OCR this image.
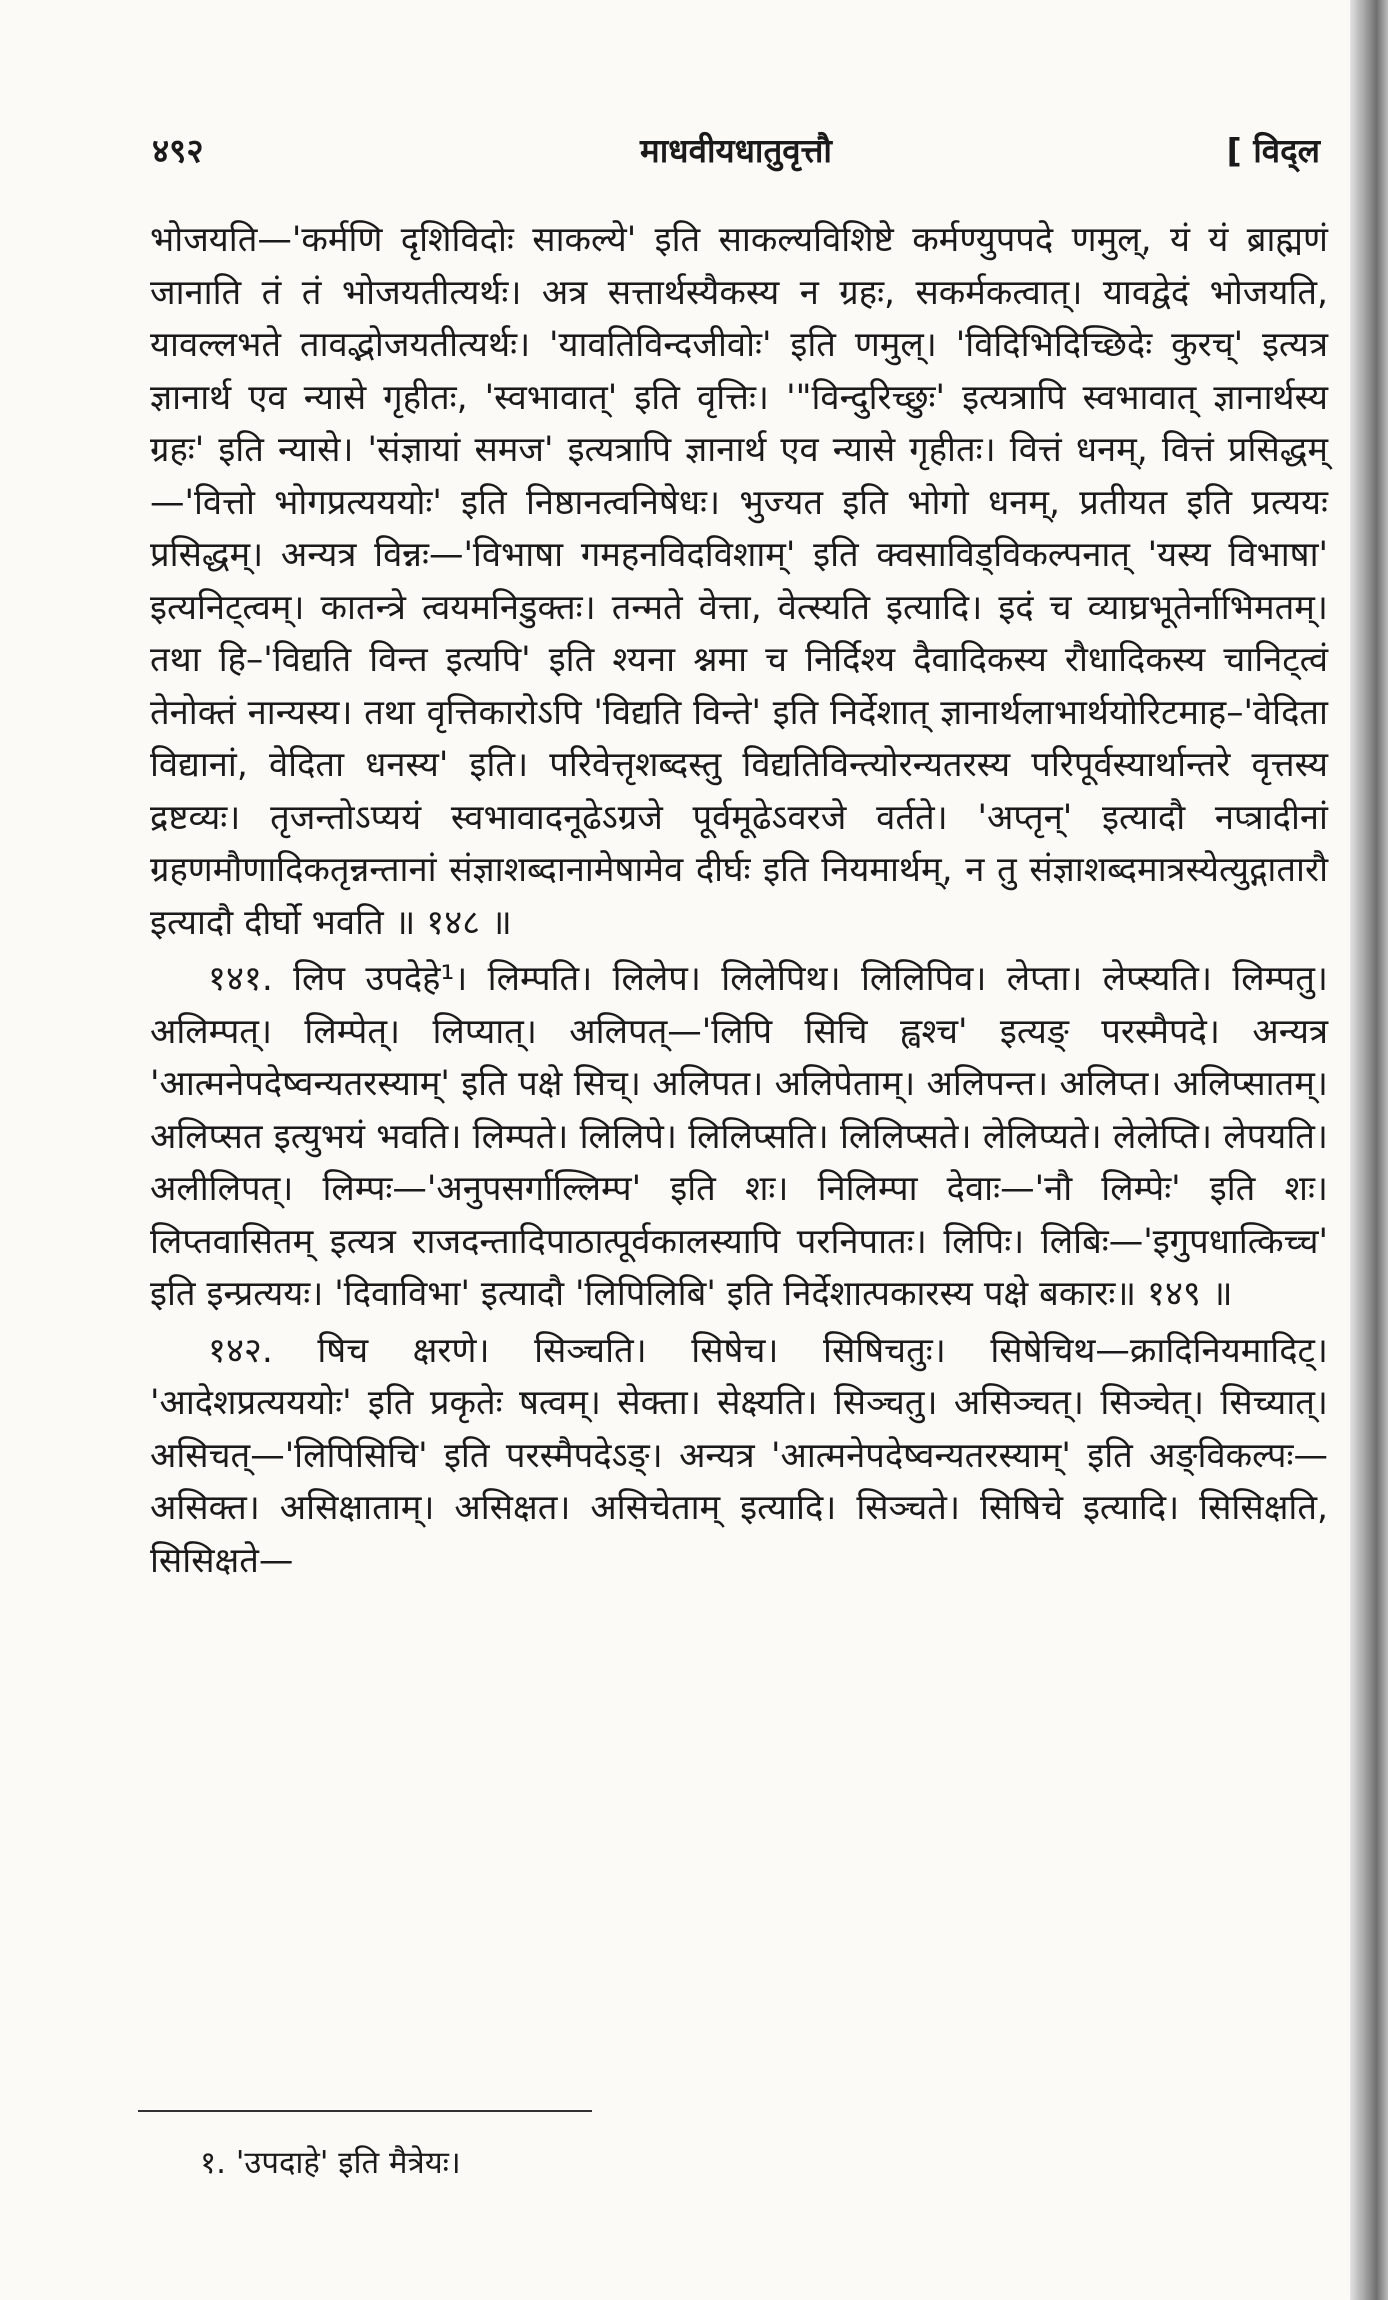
४९२	माधवीयधातुवृत्तौ	[ विद्ल

भोजयति—'कर्मणि दृशिविदोः साकल्ये' इति साकल्यविशिष्टे कर्मण्युपपदे णमुल्, यं यं ब्राह्मणं जानाति तं तं भोजयतीत्यर्थः। अत्र सत्तार्थस्यैकस्य न ग्रहः, सकर्मकत्वात्। यावद्वेदं भोजयति, यावल्लभते तावद्भोजयतीत्यर्थः। 'यावतिविन्दजीवोः' इति णमुल्। 'विदिभिदिच्छिदेः कुरच्' इत्यत्र ज्ञानार्थ एव न्यासे गृहीतः, 'स्वभावात्' इति वृत्तिः। '"विन्दुरिच्छुः' इत्यत्रापि स्वभावात् ज्ञानार्थस्य ग्रहः' इति न्यासे। 'संज्ञायां समज' इत्यत्रापि ज्ञानार्थ एव न्यासे गृहीतः। वित्तं धनम्, वित्तं प्रसिद्धम्—'वित्तो भोगप्रत्यययोः' इति निष्ठानत्वनिषेधः। भुज्यत इति भोगो धनम्, प्रतीयत इति प्रत्ययः प्रसिद्धम्। अन्यत्र विन्नः—'विभाषा गमहनविदविशाम्' इति क्वसाविड्विकल्पनात् 'यस्य विभाषा' इत्यनिट्त्वम्। कातन्त्रे त्वयमनिडुक्तः। तन्मते वेत्ता, वेत्स्यति इत्यादि। इदं च व्याघ्रभूतेर्नाभिमतम्। तथा हि–'विद्यति विन्त इत्यपि' इति श्यना श्नमा च निर्दिश्य दैवादिकस्य रौधादिकस्य चानिट्त्वं तेनोक्तं नान्यस्य। तथा वृत्तिकारोऽपि 'विद्यति विन्ते' इति निर्देशात् ज्ञानार्थलाभार्थयोरिटमाह–'वेदिता विद्यानां, वेदिता धनस्य' इति। परिवेत्तृशब्दस्तु विद्यतिविन्त्योरन्यतरस्य परिपूर्वस्यार्थान्तरे वृत्तस्य द्रष्टव्यः। तृजन्तोऽप्ययं स्वभावादनूढेऽग्रजे पूर्वमूढेऽवरजे वर्तते। 'अप्तृन्' इत्यादौ नप्त्रादीनां ग्रहणमौणादिकतृन्नन्तानां संज्ञाशब्दानामेषामेव दीर्घः इति नियमार्थम्, न तु संज्ञाशब्दमात्रस्येत्युद्गातारौ इत्यादौ दीर्घो भवति ॥ १४८ ॥

१४१. लिप उपदेहे¹। लिम्पति। लिलेप। लिलेपिथ। लिलिपिव। लेप्ता। लेप्स्यति। लिम्पतु। अलिम्पत्। लिम्पेत्। लिप्यात्। अलिपत्—'लिपि सिचि ह्वश्च' इत्यङ् परस्मैपदे। अन्यत्र 'आत्मनेपदेष्वन्यतरस्याम्' इति पक्षे सिच्। अलिपत। अलिपेताम्। अलिपन्त। अलिप्त। अलिप्सातम्। अलिप्सत इत्युभयं भवति। लिम्पते। लिलिपे। लिलिप्सति। लिलिप्सते। लेलिप्यते। लेलेप्ति। लेपयति। अलीलिपत्। लिम्पः—'अनुपसर्गाल्लिम्प' इति शः। निलिम्पा देवाः—'नौ लिम्पेः' इति शः। लिप्तवासितम् इत्यत्र राजदन्तादिपाठात्पूर्वकालस्यापि परनिपातः। लिपिः। लिबिः—'इगुपधात्किच्च' इति इन्प्रत्ययः। 'दिवाविभा' इत्यादौ 'लिपिलिबि' इति निर्देशात्पकारस्य पक्षे बकारः॥ १४९ ॥

१४२. षिच क्षरणे। सिञ्चति। सिषेच। सिषिचतुः। सिषेचिथ—क्रादिनियमादिट्। 'आदेशप्रत्यययोः' इति प्रकृतेः षत्वम्। सेक्ता। सेक्ष्यति। सिञ्चतु। असिञ्चत्। सिञ्चेत्। सिच्यात्। असिचत्—'लिपिसिचि' इति परस्मैपदेऽङ्। अन्यत्र 'आत्मनेपदेष्वन्यतरस्याम्' इति अङ्विकल्पः—असिक्त। असिक्षाताम्। असिक्षत। असिचेताम् इत्यादि। सिञ्चते। सिषिचे इत्यादि। सिसिक्षति, सिसिक्षते—

१. 'उपदाहे' इति मैत्रेयः।
